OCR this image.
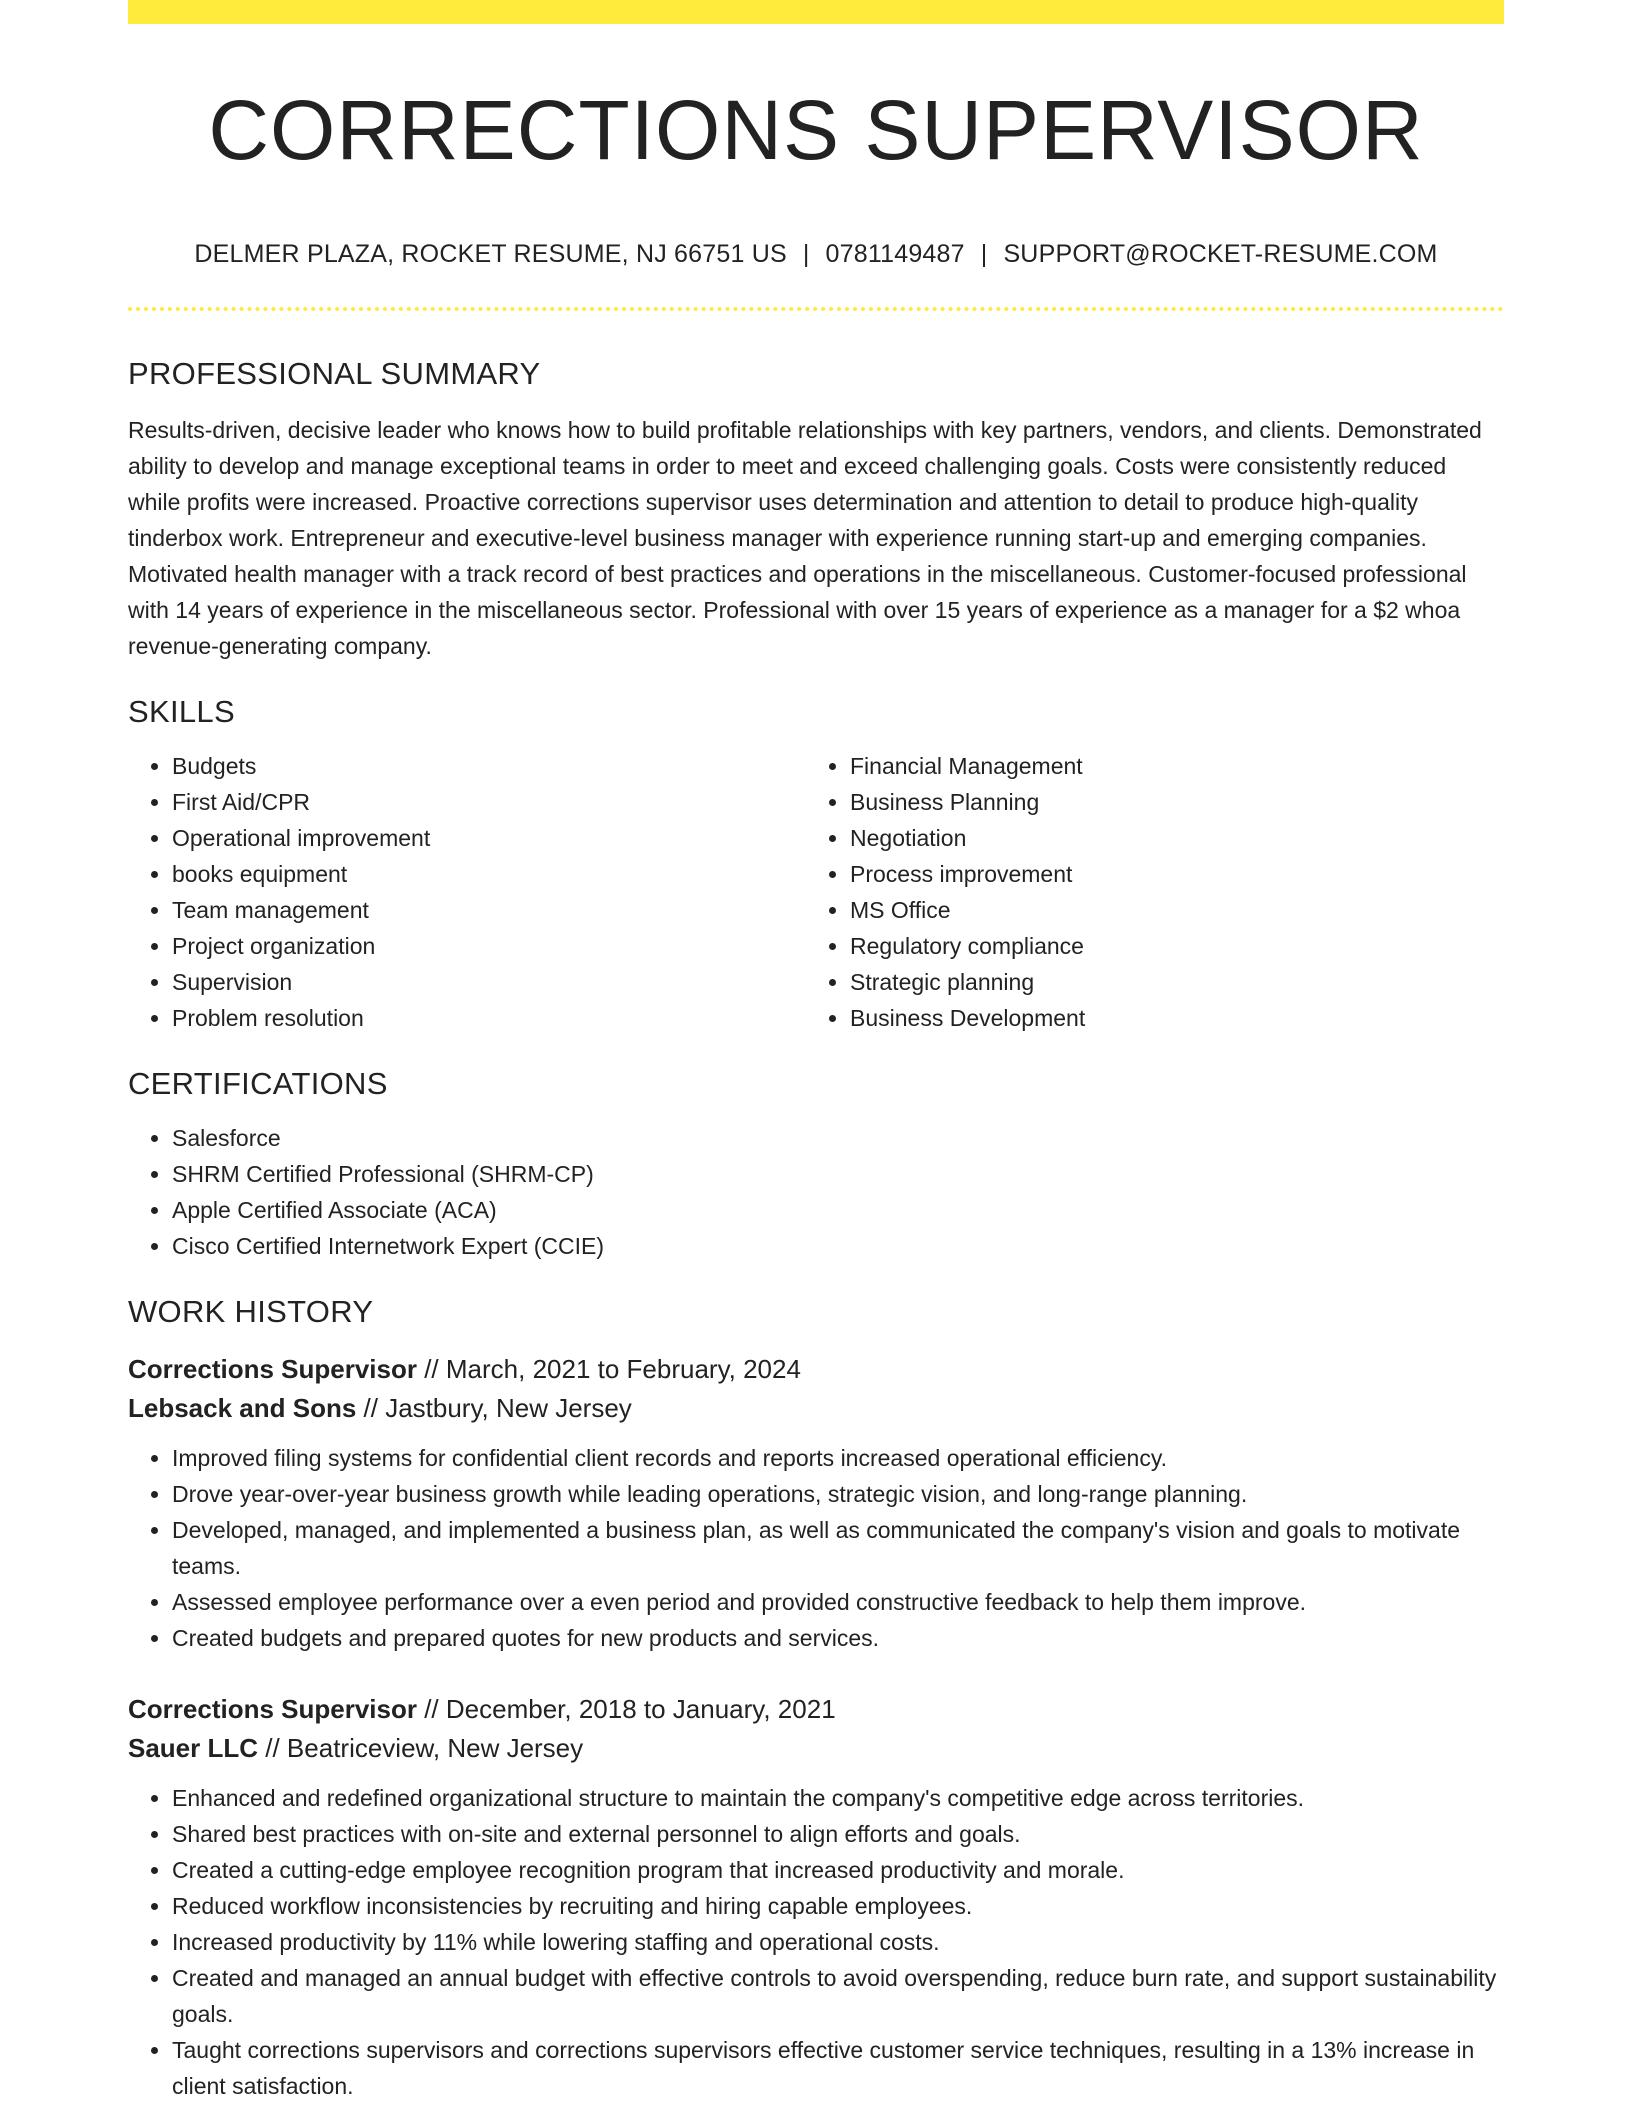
CORRECTIONS SUPERVISOR
DELMER PLAZA, ROCKET RESUME, NJ 66751 US | 0781149487 | SUPPORT@ROCKET-RESUME.COM
PROFESSIONAL SUMMARY

Results-driven, decisive leader who knows how to build profitable relationships with key partners, vendors, and clients. Demonstrated ability to develop and manage exceptional teams in order to meet and exceed challenging goals. Costs were consistently reduced while profits were increased. Proactive corrections supervisor uses determination and attention to detail to produce high-quality tinderbox work. Entrepreneur and executive-level business manager with experience running start-up and emerging companies. Motivated health manager with a track record of best practices and operations in the miscellaneous. Customer-focused professional with 14 years of experience in the miscellaneous sector. Professional with over 15 years of experience as a manager for a $2 whoa revenue-generating company.

SKILLS
• Budgets
• First Aid/CPR
• Operational improvement
• books equipment
• Team management
• Project organization
• Supervision
• Problem resolution
• Financial Management
• Business Planning
• Negotiation
• Process improvement
• MS Office
• Regulatory compliance
• Strategic planning
• Business Development
CERTIFICATIONS
• Salesforce
• SHRM Certified Professional (SHRM-CP)
• Apple Certified Associate (ACA)
• Cisco Certified Internetwork Expert (CCIE)
WORK HISTORY
Corrections Supervisor // March, 2021 to February, 2024
Lebsack and Sons // Jastbury, New Jersey
• Improved filing systems for confidential client records and reports increased operational efficiency.
• Drove year-over-year business growth while leading operations, strategic vision, and long-range planning.
• Developed, managed, and implemented a business plan, as well as communicated the company's vision and goals to motivate teams.
• Assessed employee performance over a even period and provided constructive feedback to help them improve.
• Created budgets and prepared quotes for new products and services.
Corrections Supervisor // December, 2018 to January, 2021
Sauer LLC // Beatriceview, New Jersey
• Enhanced and redefined organizational structure to maintain the company's competitive edge across territories.
• Shared best practices with on-site and external personnel to align efforts and goals.
• Created a cutting-edge employee recognition program that increased productivity and morale.
• Reduced workflow inconsistencies by recruiting and hiring capable employees.
• Increased productivity by 11% while lowering staffing and operational costs.
• Created and managed an annual budget with effective controls to avoid overspending, reduce burn rate, and support sustainability goals.
• Taught corrections supervisors and corrections supervisors effective customer service techniques, resulting in a 13% increase in client satisfaction.
